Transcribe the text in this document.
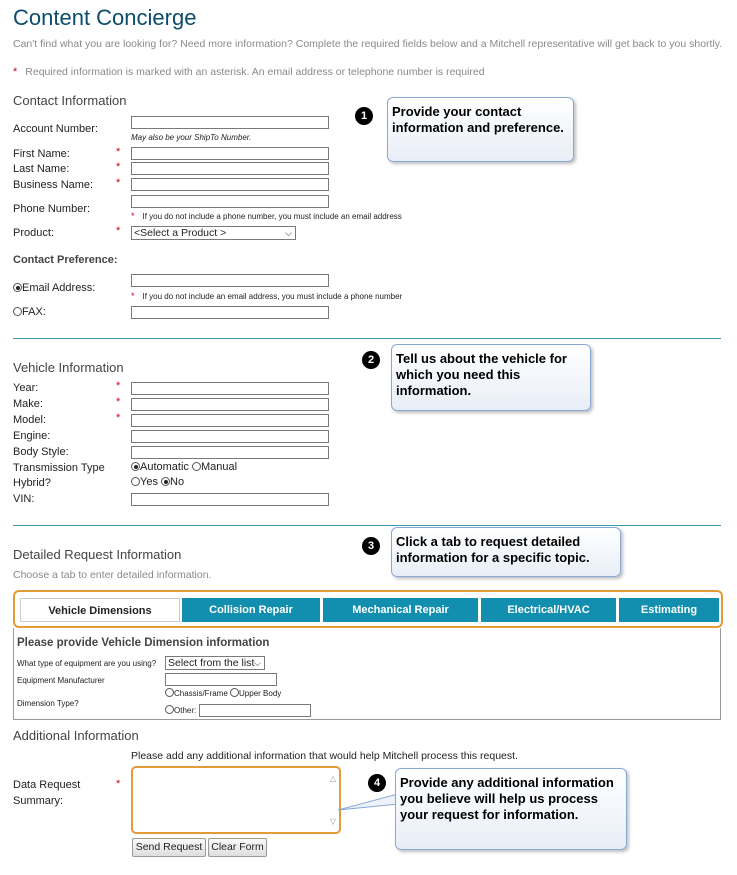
Content Concierge
Can't find what you are looking for? Need more information? Complete the required fields below and a Mitchell representative will get back to you shortly.
* Required information is marked with an asterisk. An email address or telephone number is required
Contact Information
Account Number:
May also be your ShipTo Number.
First Name:	*
Last Name:	*
Business Name: *
Phone Number:
* If you do not include a phone number, you must include an email address
Product:	* <Select a Product >	⌵
Contact Preference:
Email Address:
* If you do not include an email address, you must include a phone number
FAX:
Vehicle Information
Year:	*
Make:	*
Model:	*
Engine:
Body Style:
Transmission Type	Automatic Manual
Hybrid?	Yes No
VIN:
Detailed Request Information
Choose a tab to enter detailed information.
Vehicle Dimensions	Collision Repair	Mechanical Repair	Electrical/HVAC	Estimating
Please provide Vehicle Dimension information
What type of equipment are you using? Select from the list ⌵
Equipment Manufacturer
Dimension Type?
Chassis/Frame Upper Body
Other:
Additional Information
Please add any additional information that would help Mitchell process this request.
Data Request
Summary:
*	△
▽
Send Request Clear Form
1	Provide your contact information and preference.
2	Tell us about the vehicle for which you need this information.
3	Click a tab to request detailed information for a specific topic.
4	Provide any additional information you believe will help us process your request for information.
